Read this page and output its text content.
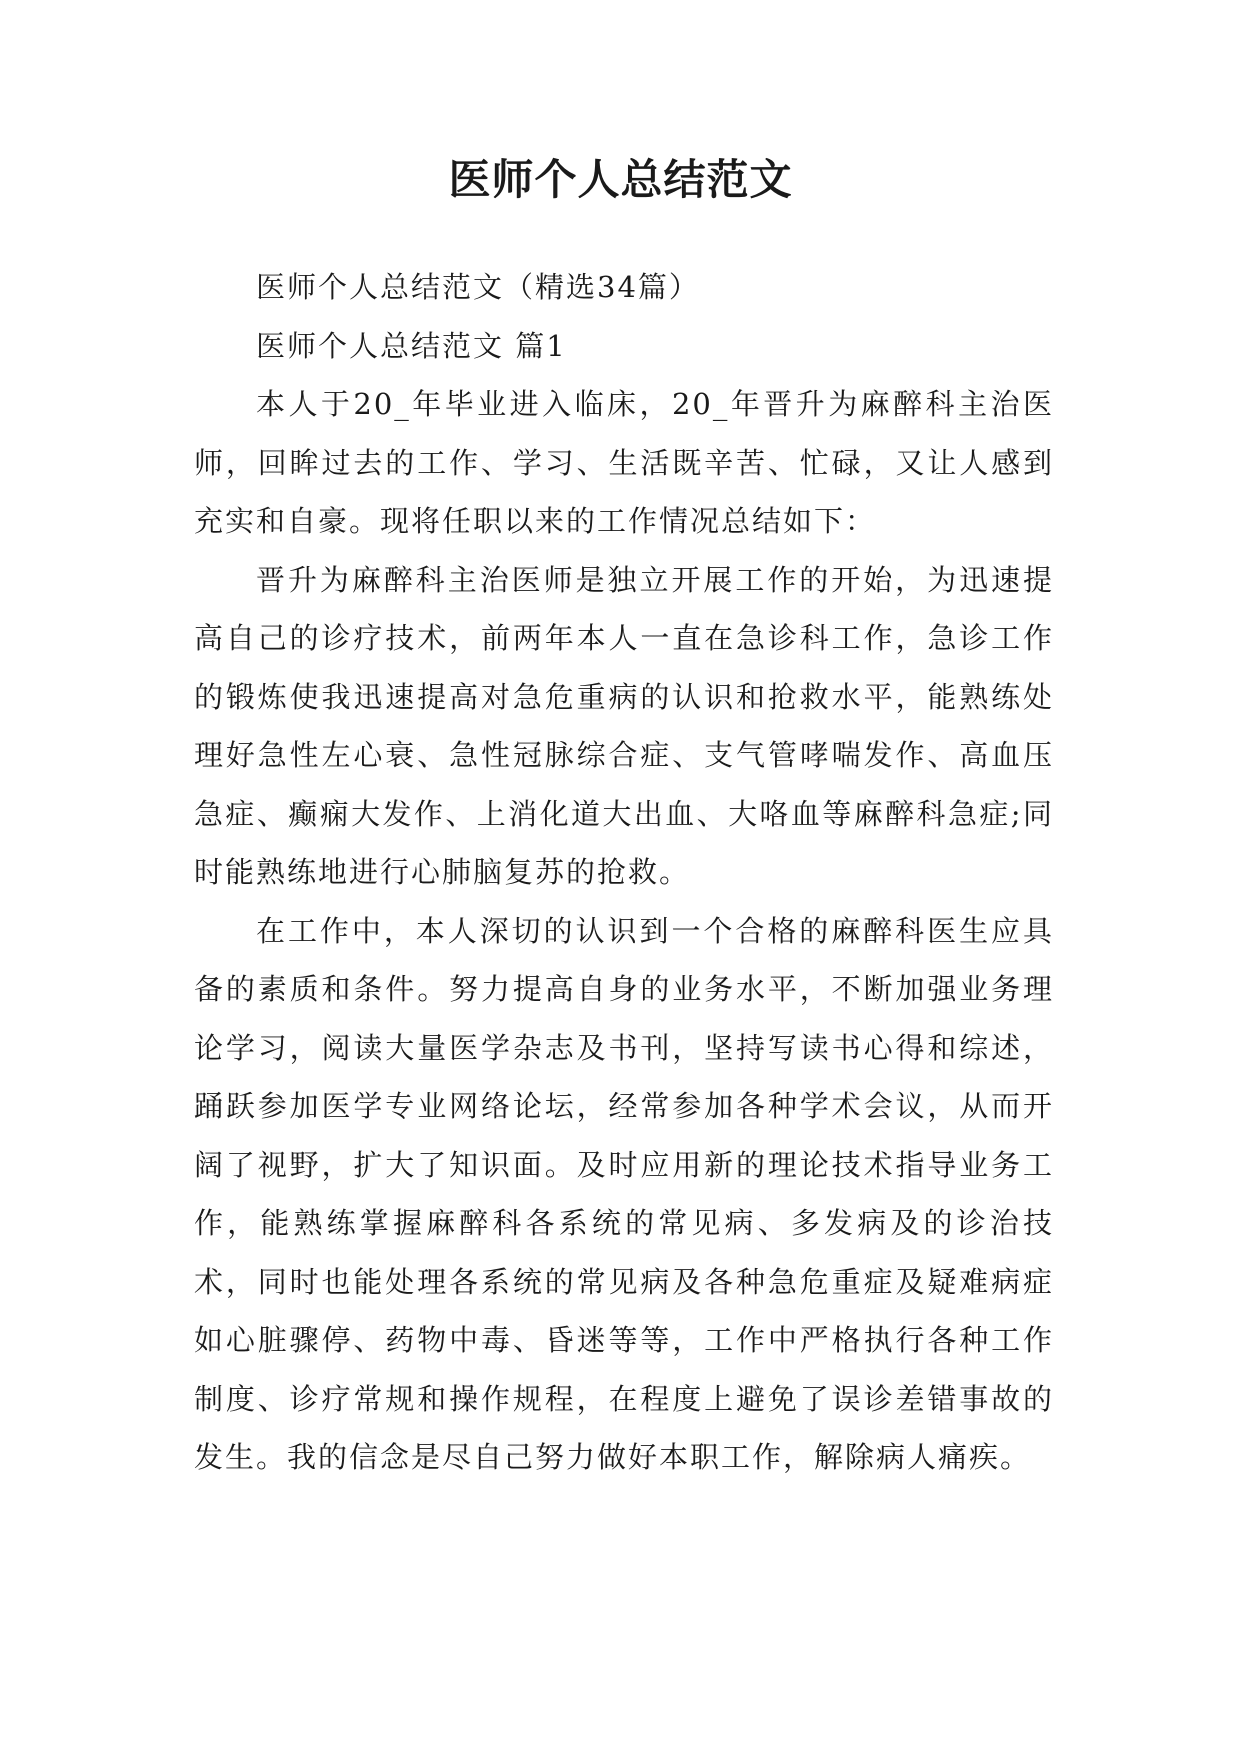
医师个人总结范文

医师个人总结范文（精选34篇）

医师个人总结范文 篇1

本人于20_年毕业进入临床，20_年晋升为麻醉科主治医师，回眸过去的工作、学习、生活既辛苦、忙碌，又让人感到充实和自豪。现将任职以来的工作情况总结如下：

晋升为麻醉科主治医师是独立开展工作的开始，为迅速提高自己的诊疗技术，前两年本人一直在急诊科工作，急诊工作的锻炼使我迅速提高对急危重病的认识和抢救水平，能熟练处理好急性左心衰、急性冠脉综合症、支气管哮喘发作、高血压急症、癫痫大发作、上消化道大出血、大咯血等麻醉科急症;同时能熟练地进行心肺脑复苏的抢救。

在工作中，本人深切的认识到一个合格的麻醉科医生应具备的素质和条件。努力提高自身的业务水平，不断加强业务理论学习，阅读大量医学杂志及书刊，坚持写读书心得和综述，踊跃参加医学专业网络论坛，经常参加各种学术会议，从而开阔了视野，扩大了知识面。及时应用新的理论技术指导业务工作，能熟练掌握麻醉科各系统的常见病、多发病及的诊治技术，同时也能处理各系统的常见病及各种急危重症及疑难病症如心脏骤停、药物中毒、昏迷等等，工作中严格执行各种工作制度、诊疗常规和操作规程，在程度上避免了误诊差错事故的发生。我的信念是尽自己努力做好本职工作，解除病人痛疾。
